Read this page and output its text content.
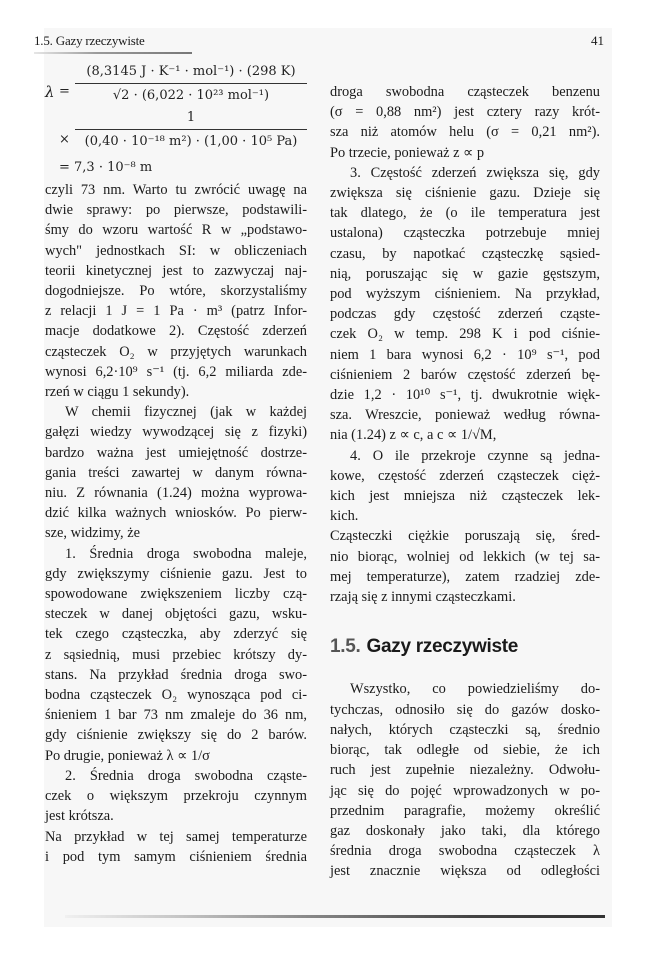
1.5. Gazy rzeczywiste	41
λ =
(8,3145 J · K⁻¹ · mol⁻¹) · (298 K)
√2 · (6,022 · 10²³ mol⁻¹)
×
1
(0,40 · 10⁻¹⁸ m²) · (1,00 · 10⁵ Pa)
= 7,3 · 10⁻⁸ m
czyli 73 nm. Warto tu zwrócić uwagę na
dwie sprawy: po pierwsze, podstawili-
śmy do wzoru wartość R w „podstawo-
wych" jednostkach SI: w obliczeniach
teorii kinetycznej jest to zazwyczaj naj-
dogodniejsze. Po wtóre, skorzystaliśmy
z relacji 1 J = 1 Pa · m³ (patrz Infor-
macje dodatkowe 2). Częstość zderzeń
cząsteczek O₂ w przyjętych warunkach
wynosi 6,2·10⁹ s⁻¹ (tj. 6,2 miliarda zde-
rzeń w ciągu 1 sekundy).
W chemii fizycznej (jak w każdej
gałęzi wiedzy wywodzącej się z fizyki)
bardzo ważna jest umiejętność dostrze-
gania treści zawartej w danym równa-
niu. Z równania (1.24) można wyprowa-
dzić kilka ważnych wniosków. Po pierw-
sze, widzimy, że
1. Średnia droga swobodna maleje,
gdy zwiększymy ciśnienie gazu. Jest to
spowodowane zwiększeniem liczby czą-
steczek w danej objętości gazu, wsku-
tek czego cząsteczka, aby zderzyć się
z sąsiednią, musi przebiec krótszy dy-
stans. Na przykład średnia droga swo-
bodna cząsteczek O₂ wynosząca pod ci-
śnieniem 1 bar 73 nm zmaleje do 36 nm,
gdy ciśnienie zwiększy się do 2 barów.
Po drugie, ponieważ λ ∝ 1/σ
2. Średnia droga swobodna cząste-
czek o większym przekroju czynnym
jest krótsza.
Na przykład w tej samej temperaturze
i pod tym samym ciśnieniem średnia
droga swobodna cząsteczek benzenu
(σ = 0,88 nm²) jest cztery razy krót-
sza niż atomów helu (σ = 0,21 nm²).
Po trzecie, ponieważ z ∝ p
3. Częstość zderzeń zwiększa się, gdy
zwiększa się ciśnienie gazu. Dzieje się
tak dlatego, że (o ile temperatura jest
ustalona) cząsteczka potrzebuje mniej
czasu, by napotkać cząsteczkę sąsied-
nią, poruszając się w gazie gęstszym,
pod wyższym ciśnieniem. Na przykład,
podczas gdy częstość zderzeń cząste-
czek O₂ w temp. 298 K i pod ciśnie-
niem 1 bara wynosi 6,2 · 10⁹ s⁻¹, pod
ciśnieniem 2 barów częstość zderzeń bę-
dzie 1,2 · 10¹⁰ s⁻¹, tj. dwukrotnie więk-
sza. Wreszcie, ponieważ według równa-
nia (1.24) z ∝ c, a c ∝ 1/√M,
4. O ile przekroje czynne są jedna-
kowe, częstość zderzeń cząsteczek cięż-
kich jest mniejsza niż cząsteczek lek-
kich.
Cząsteczki ciężkie poruszają się, śred-
nio biorąc, wolniej od lekkich (w tej sa-
mej temperaturze), zatem rzadziej zde-
rzają się z innymi cząsteczkami.
1.5. Gazy rzeczywiste
Wszystko, co powiedzieliśmy do-
tychczas, odnosiło się do gazów dosko-
nałych, których cząsteczki są, średnio
biorąc, tak odległe od siebie, że ich
ruch jest zupełnie niezależny. Odwołu-
jąc się do pojęć wprowadzonych w po-
przednim paragrafie, możemy określić
gaz doskonały jako taki, dla którego
średnia droga swobodna cząsteczek λ
jest znacznie większa od odległości
